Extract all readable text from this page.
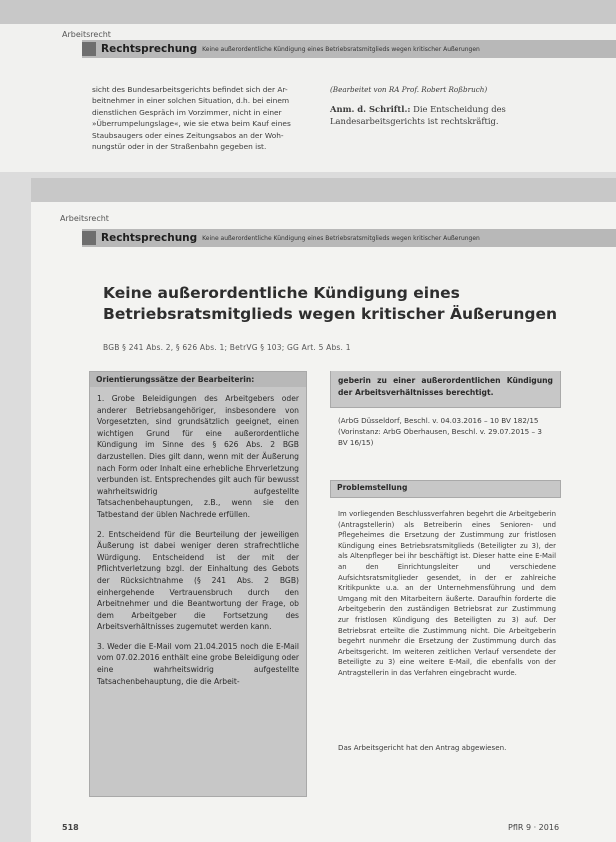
Arbeitsrecht
Rechtsprechung Keine außerordentliche Kündigung eines Betriebsratsmitglieds wegen kritischer Äußerungen
sicht des Bundesarbeitsgerichts befindet sich der Ar-
beitnehmer in einer solchen Situation, d.h. bei einem
dienstlichen Gespräch im Vorzimmer, nicht in einer
»Überrumpelungslage«, wie sie etwa beim Kauf eines
Staubsaugers oder eines Zeitungsabos an der Woh-
nungstür oder in der Straßenbahn gegeben ist.
(Bearbeitet von RA Prof. Robert Roßbruch)
Anm. d. Schriftl.: Die Entscheidung des Landesarbeitsgerichts ist rechtskräftig.
Arbeitsrecht
Rechtsprechung Keine außerordentliche Kündigung eines Betriebsratsmitglieds wegen kritischer Äußerungen
Keine außerordentliche Kündigung eines
Betriebsratsmitglieds wegen kritischer Äußerungen
BGB § 241 Abs. 2, § 626 Abs. 1; BetrVG § 103; GG Art. 5 Abs. 1
Orientierungssätze der Bearbeiterin:
1. Grobe Beleidigungen des Arbeitgebers oder anderer Betriebsangehöriger, insbesondere von Vorgesetzten, sind grundsätzlich geeignet, einen wichtigen Grund für eine außerordentliche Kündigung im Sinne des § 626 Abs. 2 BGB darzustellen. Dies gilt dann, wenn mit der Äußerung nach Form oder Inhalt eine erhebliche Ehrverletzung verbunden ist. Entsprechendes gilt auch für bewusst wahrheitswidrig aufgestellte Tatsachenbehauptungen, z.B., wenn sie den Tatbestand der üblen Nachrede erfüllen.
2. Entscheidend für die Beurteilung der jeweiligen Äußerung ist dabei weniger deren strafrechtliche Würdigung. Entscheidend ist der mit der Pflichtverletzung bzgl. der Einhaltung des Gebots der Rücksichtnahme (§ 241 Abs. 2 BGB) einhergehende Vertrauensbruch durch den Arbeitnehmer und die Beantwortung der Frage, ob dem Arbeitgeber die Fortsetzung des Arbeitsverhältnisses zugemutet werden kann.
3. Weder die E-Mail vom 21.04.2015 noch die E-Mail vom 07.02.2016 enthält eine grobe Beleidigung oder eine wahrheitswidrig aufgestellte Tatsachenbehauptung, die die Arbeit-
geberin zu einer außerordentlichen Kündigung der Arbeitsverhältnisses berechtigt.
(ArbG Düsseldorf, Beschl. v. 04.03.2016 – 10 BV 182/15 (Vorinstanz: ArbG Oberhausen, Beschl. v. 29.07.2015 – 3 BV 16/15)
Problemstellung
Im vorliegenden Beschlussverfahren begehrt die Arbeitgeberin (Antragstellerin) als Betreiberin eines Senioren- und Pflegeheimes die Ersetzung der Zustimmung zur fristlosen Kündigung eines Betriebsratsmitglieds (Beteiligter zu 3), der als Altenpfleger bei ihr beschäftigt ist. Dieser hatte eine E-Mail an den Einrichtungsleiter und verschiedene Aufsichtsratsmitglieder gesendet, in der er zahlreiche Kritikpunkte u.a. an der Unternehmensführung und dem Umgang mit den Mitarbeitern äußerte. Daraufhin forderte die Arbeitgeberin den zuständigen Betriebsrat zur Zustimmung zur fristlosen Kündigung des Beteiligten zu 3) auf. Der Betriebsrat erteilte die Zustimmung nicht. Die Arbeitgeberin begehrt nunmehr die Ersetzung der Zustimmung durch das Arbeitsgericht. Im weiteren zeitlichen Verlauf versendete der Beteiligte zu 3) eine weitere E-Mail, die ebenfalls von der Antragstellerin in das Verfahren eingebracht wurde.
Das Arbeitsgericht hat den Antrag abgewiesen.
518	PflR 9 · 2016
